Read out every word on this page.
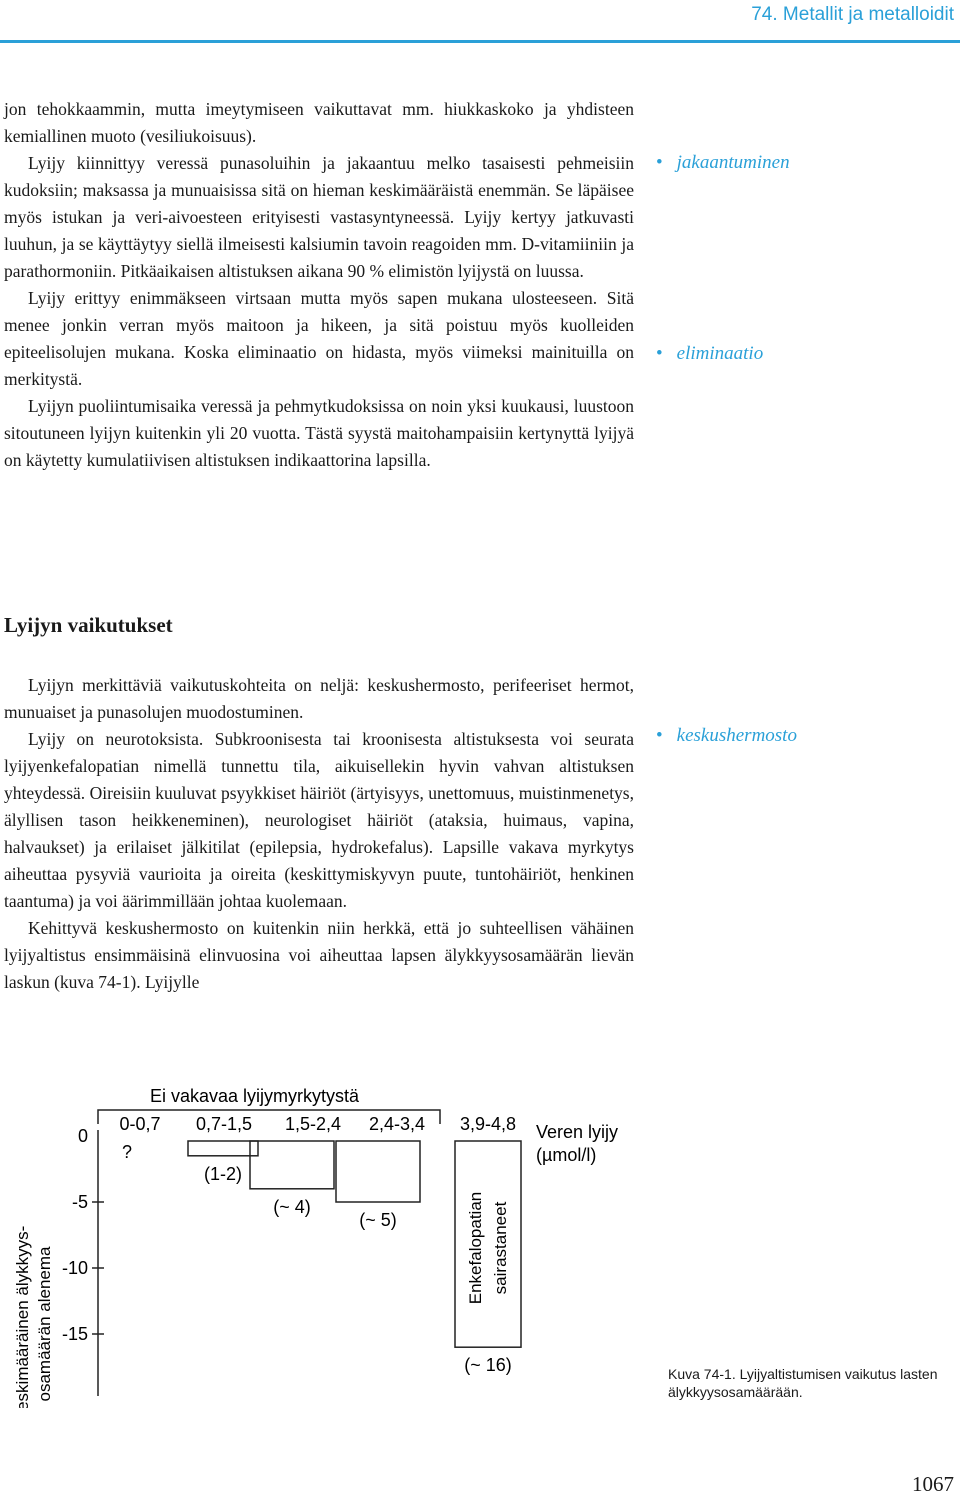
74. Metallit ja metalloidit

jon tehokkaammin, mutta imeytymiseen vaikuttavat mm. hiukkaskoko ja yhdisteen kemiallinen muoto (vesiliukoisuus).

Lyijy kiinnittyy veressä punasoluihin ja jakaantuu melko tasaisesti pehmeisiin kudoksiin; maksassa ja munuaisissa sitä on hieman keskimääräistä enemmän. Se läpäisee myös istukan ja veri-aivoesteen erityisesti vastasyntyneessä. Lyijy kertyy jatkuvasti luuhun, ja se käyttäytyy siellä ilmeisesti kalsiumin tavoin reagoiden mm. D-vitamiiniin ja parathormoniin. Pitkäaikaisen altistuksen aikana 90 % elimistön lyijystä on luussa.

Lyijy erittyy enimmäkseen virtsaan mutta myös sapen mukana ulosteeseen. Sitä menee jonkin verran myös maitoon ja hikeen, ja sitä poistuu myös kuolleiden epiteelisolujen mukana. Koska eliminaatio on hidasta, myös viimeksi mainituilla on merkitystä.

Lyijyn puoliintumisaika veressä ja pehmytkudoksissa on noin yksi kuukausi, luustoon sitoutuneen lyijyn kuitenkin yli 20 vuotta. Tästä syystä maitohampaisiin kertynyttä lyijyä on käytetty kumulatiivisen altistuksen indikaattorina lapsilla.

Lyijyn vaikutukset

Lyijyn merkittäviä vaikutuskohteita on neljä: keskushermosto, perifeeriset hermot, munuaiset ja punasolujen muodostuminen.

Lyijy on neurotoksista. Subkroonisesta tai kroonisesta altistuksesta voi seurata lyijyenkefalopatian nimellä tunnettu tila, aikuisellekin hyvin vahvan altistuksen yhteydessä. Oireisiin kuuluvat psyykkiset häiriöt (ärtyisyys, unettomuus, muistinmenetys, älyllisen tason heikkeneminen), neurologiset häiriöt (ataksia, huimaus, vapina, halvaukset) ja erilaiset jälkitilat (epilepsia, hydrokefalus). Lapsille vakava myrkytys aiheuttaa pysyviä vaurioita ja oireita (keskittymiskyvyn puute, tuntohäiriöt, henkinen taantuma) ja voi äärimmillään johtaa kuolemaan.

Kehittyvä keskushermosto on kuitenkin niin herkkä, että jo suhteellisen vähäinen lyijyaltistus ensimmäisinä elinvuosina voi aiheuttaa lapsen älykkyysosamäärän lievän laskun (kuva 74-1). Lyijylle

• jakaantuminen
• eliminaatio
• keskushermosto
Keskimääräinen älykkyys- osamäärän alenema
0
-5
-10
-15
Ei vakavaa lyijymyrkytystä
0-0,7 0,7-1,5 1,5-2,4 2,4-3,4 3,9-4,8
?
Veren lyijy
(µmol/l)
(1-2)
(~ 4)
(~ 5)
(~ 16)
Enkefalopatian sairastaneet
Kuva 74-1. Lyijyaltistumisen vaikutus lasten älykkyysosamäärään.
1067
